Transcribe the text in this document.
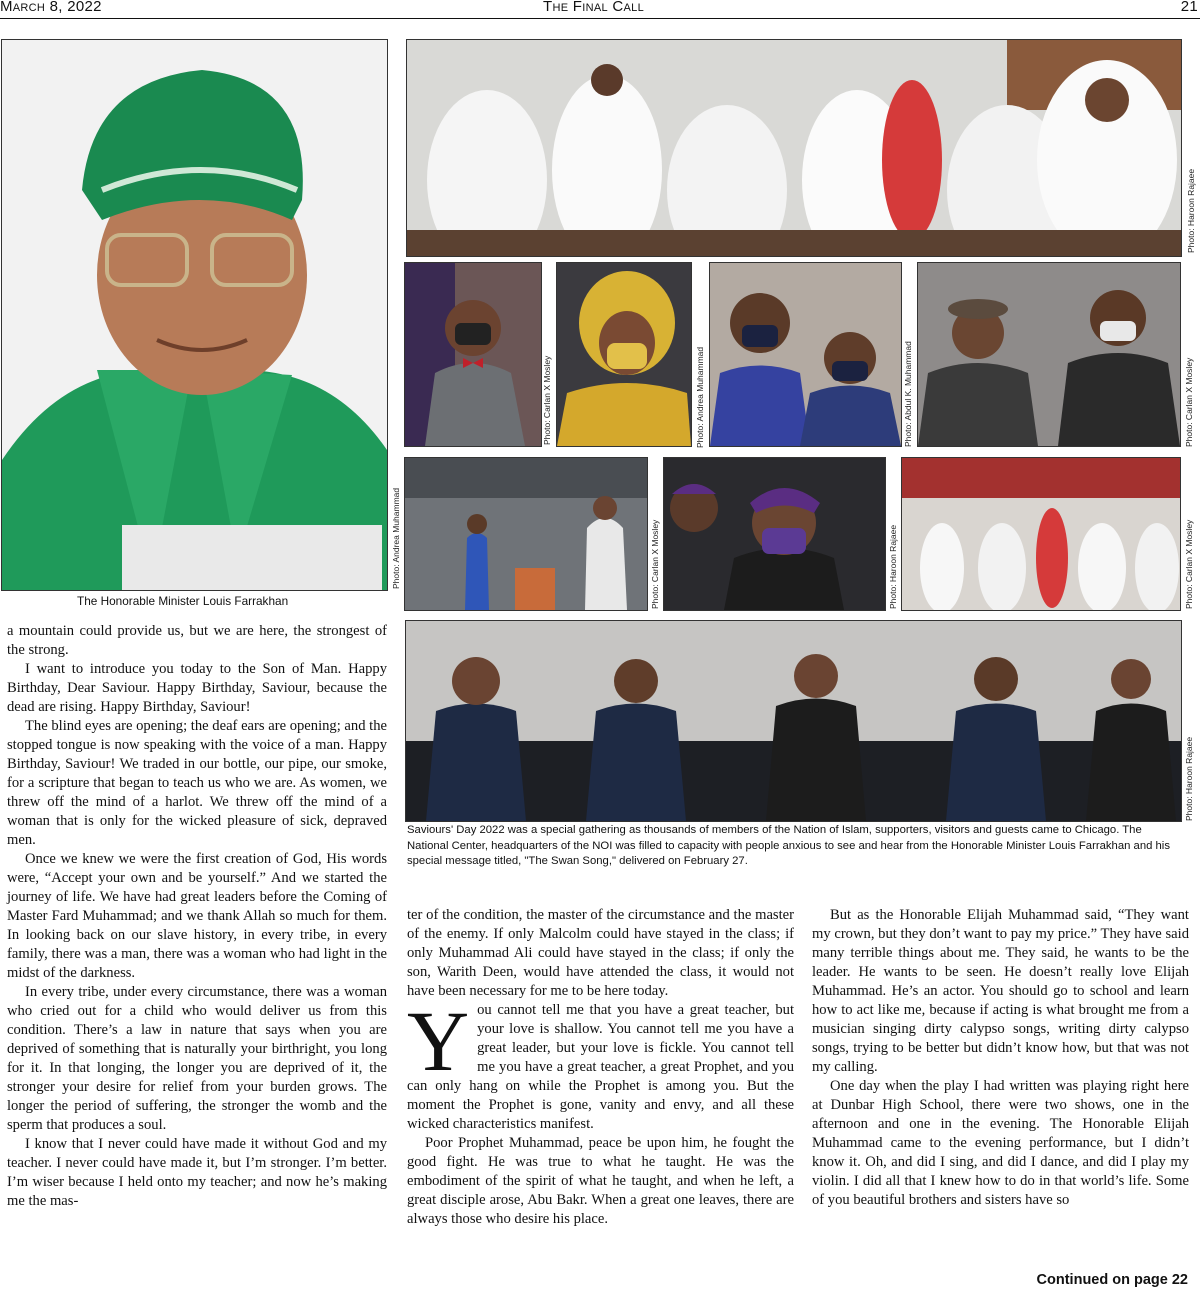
March 8, 2022	The Final Call	21
The Honorable Minister Louis Farrakhan
Photo: Andrea Muhammad
Photo: Haroon Rajaee
Photo: Carlan X Mosley	Photo: Andrea Muhammad	Photo: Abdul K. Muhammad	Photo: Carlan X Mosley
Photo: Carlan X Mosley	Photo: Haroon Rajaee	Photo: Carlan X Mosley
Photo: Haroon Rajaee
Saviours' Day 2022 was a special gathering as thousands of members of the Nation of Islam, supporters, visitors and guests came to Chicago. The National Center, headquarters of the NOI was filled to capacity with people anxious to see and hear from the Honorable Minister Louis Farrakhan and his special message titled, "The Swan Song," delivered on February 27.

a mountain could provide us, but we are here, the strongest of the strong.

I want to introduce you today to the Son of Man. Happy Birthday, Dear Saviour. Happy Birthday, Saviour, because the dead are rising. Happy Birthday, Saviour!

The blind eyes are opening; the deaf ears are opening; and the stopped tongue is now speaking with the voice of a man. Happy Birthday, Saviour! We traded in our bottle, our pipe, our smoke, for a scripture that began to teach us who we are. As women, we threw off the mind of a harlot. We threw off the mind of a woman that is only for the wicked pleasure of sick, depraved men.

Once we knew we were the first creation of God, His words were, “Accept your own and be yourself.” And we started the journey of life. We have had great leaders before the Coming of Master Fard Muhammad; and we thank Allah so much for them. In looking back on our slave history, in every tribe, in every family, there was a man, there was a woman who had light in the midst of the darkness.

In every tribe, under every circumstance, there was a woman who cried out for a child who would deliver us from this condition. There’s a law in nature that says when you are deprived of something that is naturally your birthright, you long for it. In that longing, the longer you are deprived of it, the stronger your desire for relief from your burden grows. The longer the period of suffering, the stronger the womb and the sperm that produces a soul.

I know that I never could have made it without God and my teacher. I never could have made it, but I’m stronger. I’m better. I’m wiser because I held onto my teacher; and now he’s making me the mas-

ter of the condition, the master of the circumstance and the master of the enemy. If only Malcolm could have stayed in the class; if only Muhammad Ali could have stayed in the class; if only the son, Warith Deen, would have attended the class, it would not have been necessary for me to be here today.

You cannot tell me that you have a great teacher, but your love is shallow. You cannot tell me you have a great leader, but your love is fickle. You cannot tell me you have a great teacher, a great Prophet, and you can only hang on while the Prophet is among you. But the moment the Prophet is gone, vanity and envy, and all these wicked characteristics manifest.

Poor Prophet Muhammad, peace be upon him, he fought the good fight. He was true to what he taught. He was the embodiment of the spirit of what he taught, and when he left, a great disciple arose, Abu Bakr. When a great one leaves, there are always those who desire his place.

But as the Honorable Elijah Muhammad said, “They want my crown, but they don’t want to pay my price.” They have said many terrible things about me. They said, he wants to be the leader. He wants to be seen. He doesn’t really love Elijah Muhammad. He’s an actor. You should go to school and learn how to act like me, because if acting is what brought me from a musician singing dirty calypso songs, writing dirty calypso songs, trying to be better but didn’t know how, but that was not my calling.

One day when the play I had written was playing right here at Dunbar High School, there were two shows, one in the afternoon and one in the evening. The Honorable Elijah Muhammad came to the evening performance, but I didn’t know it. Oh, and did I sing, and did I dance, and did I play my violin. I did all that I knew how to do in that world’s life. Some of you beautiful brothers and sisters have so

Continued on page 22
